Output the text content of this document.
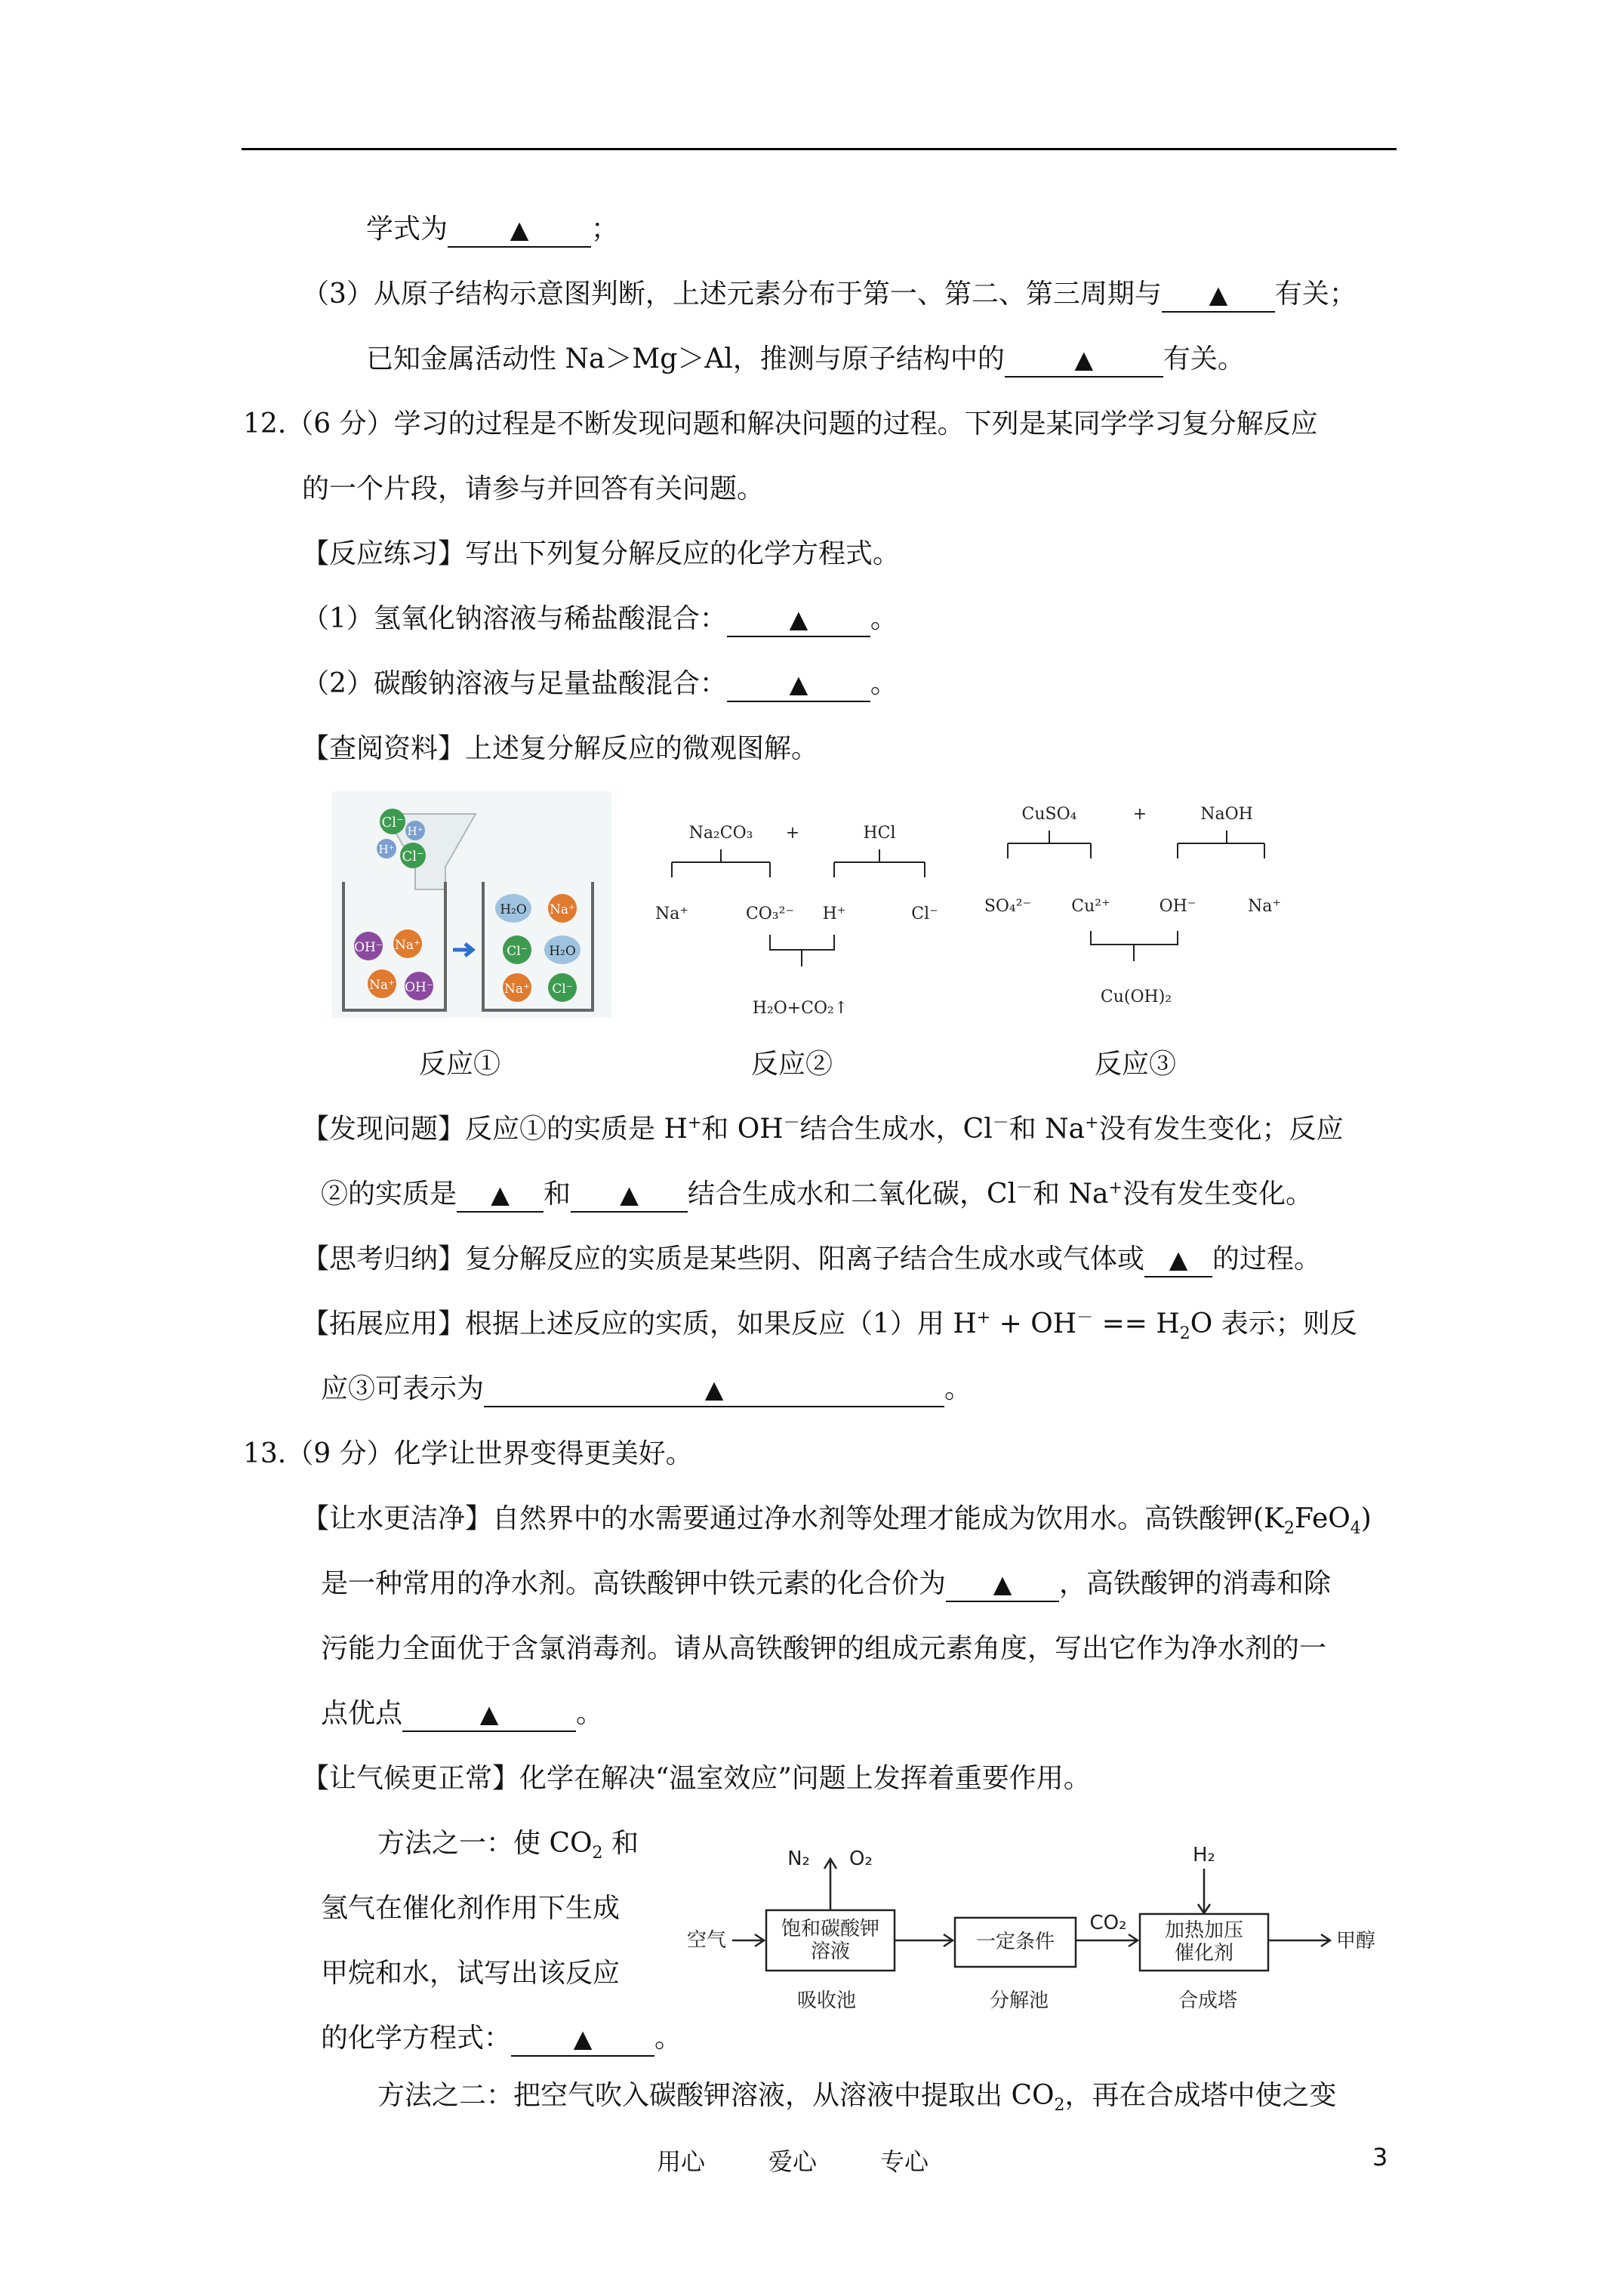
学式为	▲ ；
（3）从原子结构示意图判断，上述元素分布于第一、第二、第三周期与 ▲ 有关；
已知金属活动性 Na＞Mg＞Al，推测与原子结构中的	▲	有关。
12.（6 分）学习的过程是不断发现问题和解决问题的过程。下列是某同学学习复分解反应
的一个片段，请参与并回答有关问题。
【反应练习】写出下列复分解反应的化学方程式。
（1）氢氧化钠溶液与稀盐酸混合：	▲ 。
（2）碳酸钠溶液与足量盐酸混合：	▲ 。
【查阅资料】上述复分解反应的微观图解。
Cl⁻
H⁺
H⁺ Cl⁻
OH⁻ Na⁺
Na⁺ OH⁻
H₂O Na⁺
Cl⁻ H₂O
Na⁺ Cl⁻
Na₂CO₃ +	HCl
Na⁺	CO₃²⁻ H⁺	Cl⁻
H₂O+CO₂↑
CuSO₄	+	NaOH
SO₄²⁻ Cu²⁺	OH⁻	Na⁺
Cu(OH)₂
反应①	反应②	反应③
【发现问题】反应①的实质是 H+和 OH－结合生成水，Cl－和 Na+没有发生变化；反应
②的实质是 ▲ 和 ▲ 结合生成水和二氧化碳，Cl－和 Na+没有发生变化。
【思考归纳】复分解反应的实质是某些阴、阳离子结合生成水或气体或 ▲ 的过程。
【拓展应用】根据上述反应的实质，如果反应（1）用 $H^+ + OH^- == H_2O$ 表示；则反
应③可表示为	▲	。
13.（9 分）化学让世界变得更美好。
【让水更洁净】自然界中的水需要通过净水剂等处理才能成为饮用水。高铁酸钾$(K_2FeO_4)$
是一种常用的净水剂。高铁酸钾中铁元素的化合价为 ▲ ，高铁酸钾的消毒和除
污能力全面优于含氯消毒剂。请从高铁酸钾的组成元素角度，写出它作为净水剂的一
点优点	▲	。
【让气候更正常】化学在解决“温室效应”问题上发挥着重要作用。
方法之一：使 $CO_2$ 和
氢气在催化剂作用下生成
甲烷和水，试写出该反应
的化学方程式：	▲ 。
方法之二：把空气吹入碳酸钾溶液，从溶液中提取出 $CO_2$，再在合成塔中使之变
空气	饱和碳酸钾
溶液
吸收池
N₂ O₂
一定条件
分解池
CO₂ 加热加压
催化剂
合成塔
H₂
甲醇
用心	爱心	专心	3
